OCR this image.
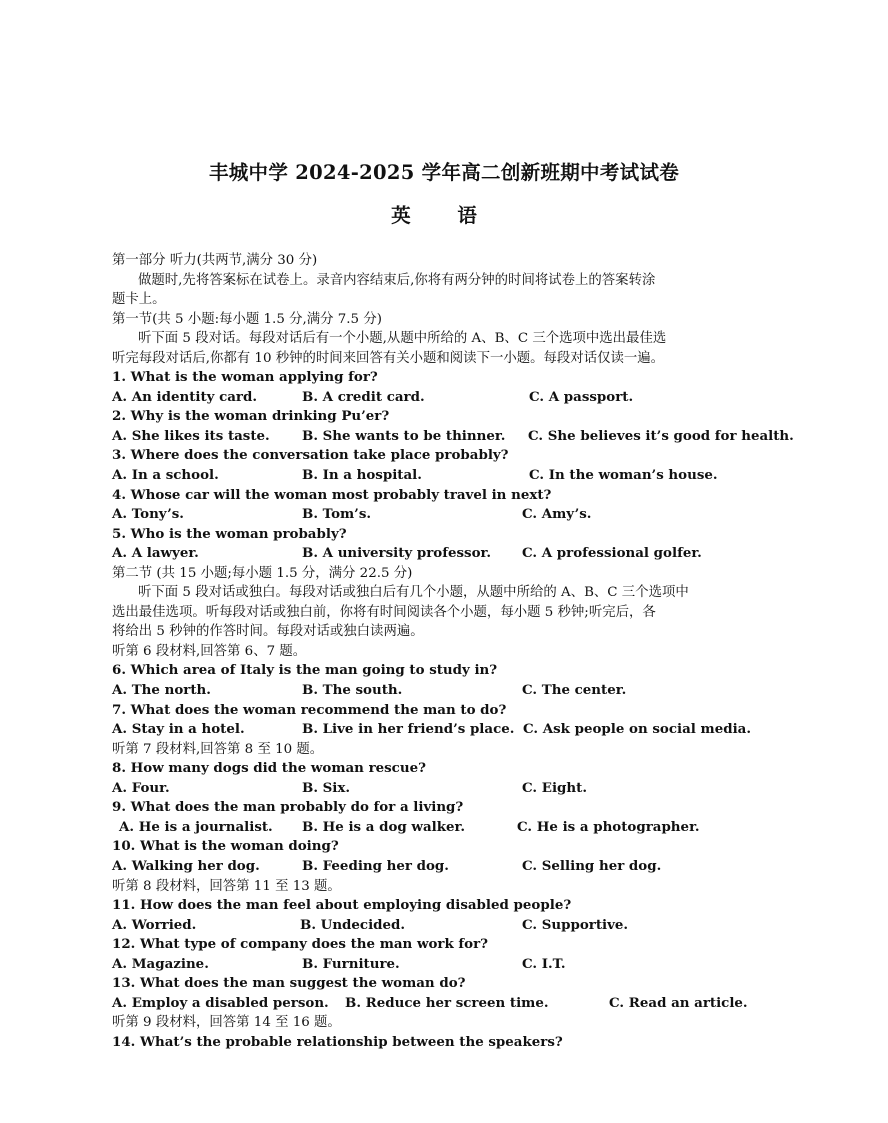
丰城中学 2024-2025 学年高二创新班期中考试试卷
英 语
第一部分 听力(共两节,满分 30 分)
做题时,先将答案标在试卷上。录音内容结束后,你将有两分钟的时间将试卷上的答案转涂
题卡上。
第一节(共 5 小题:每小题 1.5 分,满分 7.5 分)
听下面 5 段对话。每段对话后有一个小题,从题中所给的 A、B、C 三个选项中选出最佳选
听完每段对话后,你都有 10 秒钟的时间来回答有关小题和阅读下一小题。每段对话仅读一遍。
1. What is the woman applying for?
A. An identity card.	B. A credit card.	C. A passport.
2. Why is the woman drinking Pu’er?
A. She likes its taste. B. She wants to be thinner. C. She believes it’s good for health.
3. Where does the conversation take place probably?
A. In a school.	B. In a hospital.	C. In the woman’s house.
4. Whose car will the woman most probably travel in next?
A. Tony’s.	B. Tom’s.	C. Amy’s.
5. Who is the woman probably?
A. A lawyer.	B. A university professor. C. A professional golfer.
第二节 (共 15 小题;每小题 1.5 分，满分 22.5 分)
听下面 5 段对话或独白。每段对话或独白后有几个小题，从题中所给的 A、B、C 三个选项中
选出最佳选项。听每段对话或独白前，你将有时间阅读各个小题，每小题 5 秒钟;听完后，各
将给出 5 秒钟的作答时间。每段对话或独白读两遍。
听第 6 段材料,回答第 6、7 题。
6. Which area of Italy is the man going to study in?
A. The north.	B. The south.	C. The center.
7. What does the woman recommend the man to do?
A. Stay in a hotel.	B. Live in her friend’s place. C. Ask people on social media.
听第 7 段材料,回答第 8 至 10 题。
8. How many dogs did the woman rescue?
A. Four.	B. Six.	C. Eight.
9. What does the man probably do for a living?
A. He is a journalist. B. He is a dog walker.	C. He is a photographer.
10. What is the woman doing?
A. Walking her dog.	B. Feeding her dog.	C. Selling her dog.
听第 8 段材料，回答第 11 至 13 题。
11. How does the man feel about employing disabled people?
A. Worried.	B. Undecided.	C. Supportive.
12. What type of company does the man work for?
A. Magazine.	B. Furniture.	C. I.T.
13. What does the man suggest the woman do?
A. Employ a disabled person. B. Reduce her screen time.	C. Read an article.
听第 9 段材料，回答第 14 至 16 题。
14. What’s the probable relationship between the speakers?
